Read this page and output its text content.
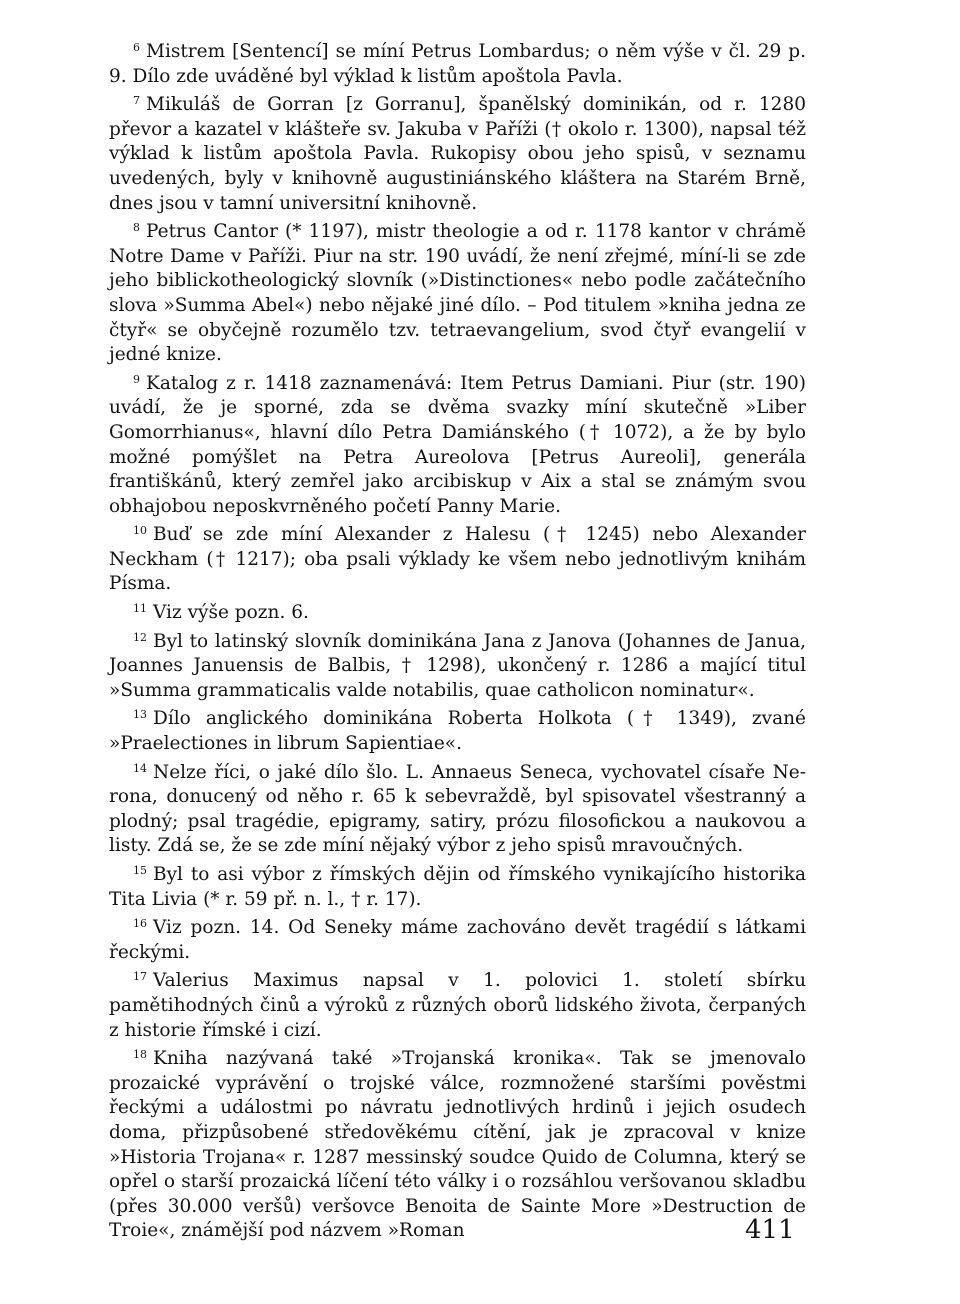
$^6$ Mistrem [Sentencí] se míní Petrus Lombardus; o něm výše v čl. 29 p. 9. Dílo zde uváděné byl výklad k listům apoštola Pavla.

$^7$ Mikuláš de Gorran [z Gorranu], španělský dominikán, od r. 1280 převor a kazatel v klášteře sv. Jakuba v Paříži († okolo r. 1300), napsal též výklad k listům apoštola Pavla. Rukopisy obou jeho spisů, v seznamu uvedených, byly v knihovně augustiniánského kláštera na Starém Brně, dnes jsou v tamní universitní knihovně.

$^8$ Petrus Cantor (* 1197), mistr theologie a od r. 1178 kantor v chrámě Notre Dame v Paříži. Piur na str. 190 uvádí, že není zřejmé, míní-li se zde jeho biblickotheologický slovník (»Distinctiones« nebo podle začátečního slova »Summa Abel«) nebo nějaké jiné dílo. – Pod titulem »kniha jedna ze čtyř« se obyčejně rozumělo tzv. tetraevangelium, svod čtyř evangelií v jedné knize.

$^9$ Katalog z r. 1418 zaznamenává: Item Petrus Damiani. Piur (str. 190) uvádí, že je sporné, zda se dvěma svazky míní skutečně »Liber Gomorrhianus«, hlavní dílo Petra Damiánského († 1072), a že by bylo možné pomýšlet na Petra Aureolova [Petrus Aureoli], generála františkánů, který zemřel jako arcibiskup v Aix a stal se známým svou obhajobou neposkvrněného početí Panny Marie.

$^{10}$ Buď se zde míní Alexander z Halesu († 1245) nebo Alexander Neckham († 1217); oba psali výklady ke všem nebo jednotlivým knihám Písma.

$^{11}$ Viz výše pozn. 6.

$^{12}$ Byl to latinský slovník dominikána Jana z Janova (Johannes de Janua, Joannes Januensis de Balbis, † 1298), ukončený r. 1286 a mající titul »Summa grammaticalis valde notabilis, quae catholicon nominatur«.

$^{13}$ Dílo anglického dominikána Roberta Holkota († 1349), zvané »Praelectiones in librum Sapientiae«.

$^{14}$ Nelze říci, o jaké dílo šlo. L. Annaeus Seneca, vychovatel císaře Nerona, donucený od něho r. 65 k sebevraždě, byl spisovatel všestranný a plodný; psal tragédie, epigramy, satiry, prózu filosofickou a naukovou a listy. Zdá se, že se zde míní nějaký výbor z jeho spisů mravoučných.

$^{15}$ Byl to asi výbor z římských dějin od římského vynikajícího historika Tita Livia (* r. 59 př. n. l., † r. 17).

$^{16}$ Viz pozn. 14. Od Seneky máme zachováno devět tragédií s látkami řeckými.

$^{17}$ Valerius Maximus napsal v 1. polovici 1. století sbírku pamětihodných činů a výroků z různých oborů lidského života, čerpaných z historie římské i cizí.

$^{18}$ Kniha nazývaná také »Trojanská kronika«. Tak se jmenovalo prozaické vyprávění o trojské válce, rozmnožené staršími pověstmi řeckými a událostmi po návratu jednotlivých hrdinů i jejich osudech doma, přizpůsobené středověkému cítění, jak je zpracoval v knize »Historia Trojana« r. 1287 messinský soudce Quido de Columna, který se opřel o starší prozaická líčení této války i o rozsáhlou veršovanou skladbu (přes 30.000 veršů) veršovce Benoita de Sainte More »Destruction de Troie«, známější pod názvem »Roman	411
